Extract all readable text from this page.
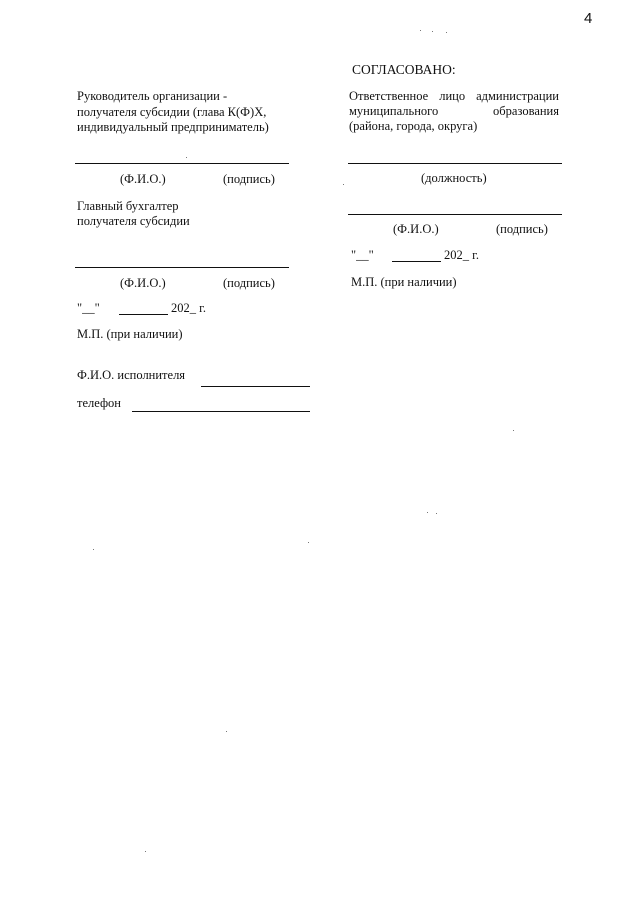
4
Руководитель организации -
получателя субсидии (глава К(Ф)Х,
индивидуальный предприниматель)
(Ф.И.О.)	(подпись)
Главный бухгалтер
получателя субсидии
(Ф.И.О.)	(подпись)
"__"	202_ г.
М.П. (при наличии)
Ф.И.О. исполнителя
телефон
СОГЛАСОВАНО:
Ответственное лицо администрации
муниципального образования
(района, города, округа)
(должность)
(Ф.И.О.)	(подпись)
"__"	202_ г.
М.П. (при наличии)
